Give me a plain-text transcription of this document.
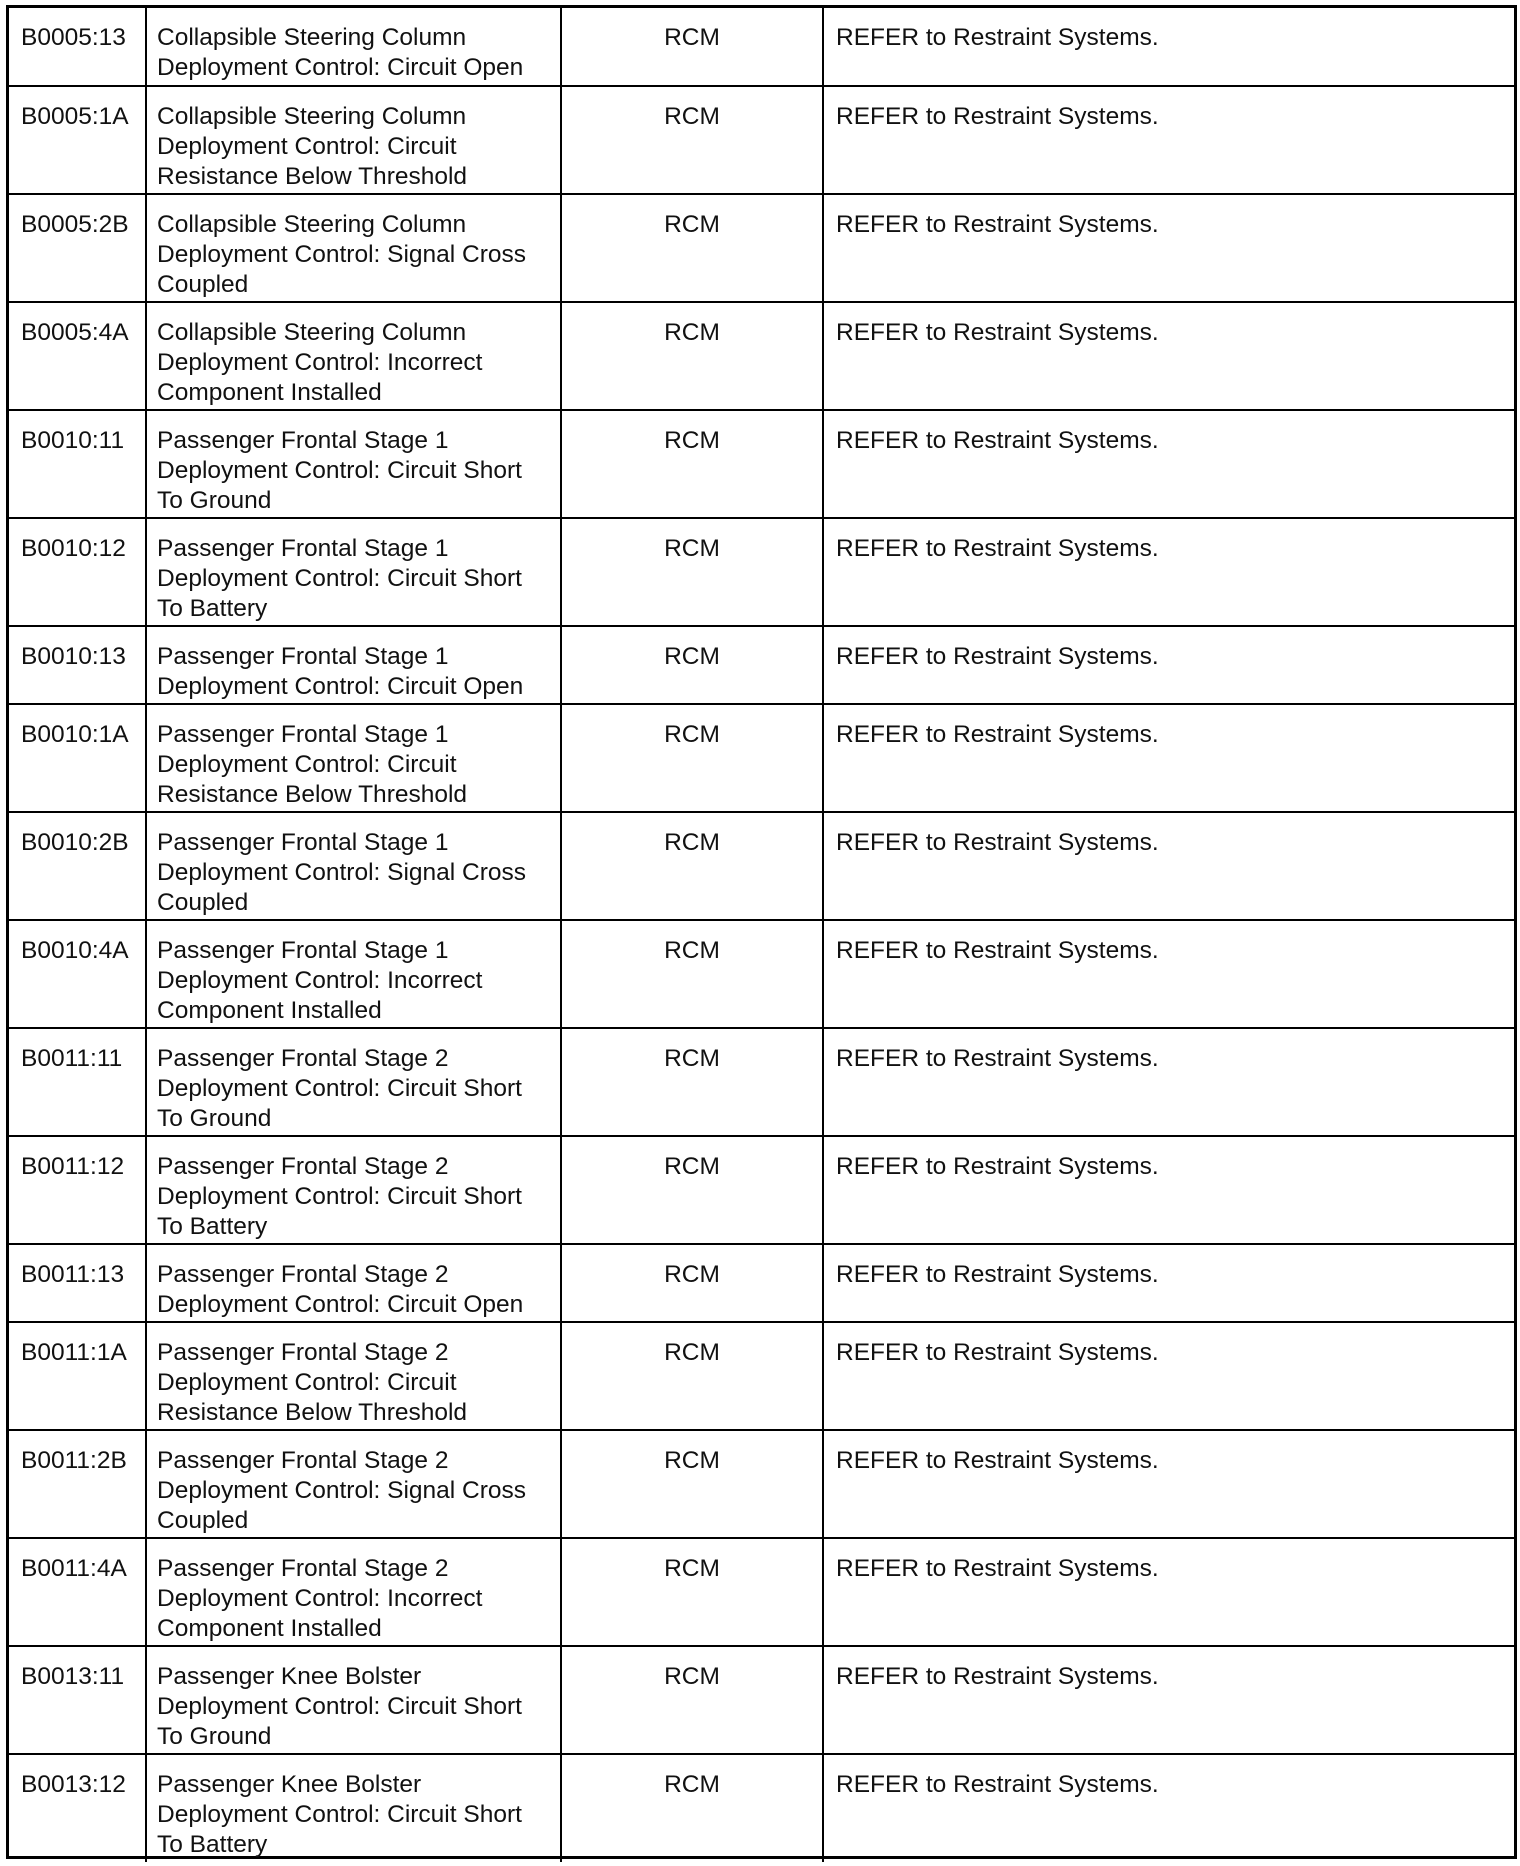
B0005:13	Collapsible Steering Column Deployment Control: Circuit Open	RCM	REFER to Restraint Systems.
B0005:1A	Collapsible Steering Column Deployment Control: Circuit Resistance Below Threshold	RCM	REFER to Restraint Systems.
B0005:2B	Collapsible Steering Column Deployment Control: Signal Cross Coupled	RCM	REFER to Restraint Systems.
B0005:4A	Collapsible Steering Column Deployment Control: Incorrect Component Installed	RCM	REFER to Restraint Systems.
B0010:11	Passenger Frontal Stage 1 Deployment Control: Circuit Short To Ground	RCM	REFER to Restraint Systems.
B0010:12	Passenger Frontal Stage 1 Deployment Control: Circuit Short To Battery	RCM	REFER to Restraint Systems.
B0010:13	Passenger Frontal Stage 1 Deployment Control: Circuit Open	RCM	REFER to Restraint Systems.
B0010:1A	Passenger Frontal Stage 1 Deployment Control: Circuit Resistance Below Threshold	RCM	REFER to Restraint Systems.
B0010:2B	Passenger Frontal Stage 1 Deployment Control: Signal Cross Coupled	RCM	REFER to Restraint Systems.
B0010:4A	Passenger Frontal Stage 1 Deployment Control: Incorrect Component Installed	RCM	REFER to Restraint Systems.
B0011:11	Passenger Frontal Stage 2 Deployment Control: Circuit Short To Ground	RCM	REFER to Restraint Systems.
B0011:12	Passenger Frontal Stage 2 Deployment Control: Circuit Short To Battery	RCM	REFER to Restraint Systems.
B0011:13	Passenger Frontal Stage 2 Deployment Control: Circuit Open	RCM	REFER to Restraint Systems.
B0011:1A	Passenger Frontal Stage 2 Deployment Control: Circuit Resistance Below Threshold	RCM	REFER to Restraint Systems.
B0011:2B	Passenger Frontal Stage 2 Deployment Control: Signal Cross Coupled	RCM	REFER to Restraint Systems.
B0011:4A	Passenger Frontal Stage 2 Deployment Control: Incorrect Component Installed	RCM	REFER to Restraint Systems.
B0013:11	Passenger Knee Bolster Deployment Control: Circuit Short To Ground	RCM	REFER to Restraint Systems.
B0013:12	Passenger Knee Bolster Deployment Control: Circuit Short To Battery	RCM	REFER to Restraint Systems.
